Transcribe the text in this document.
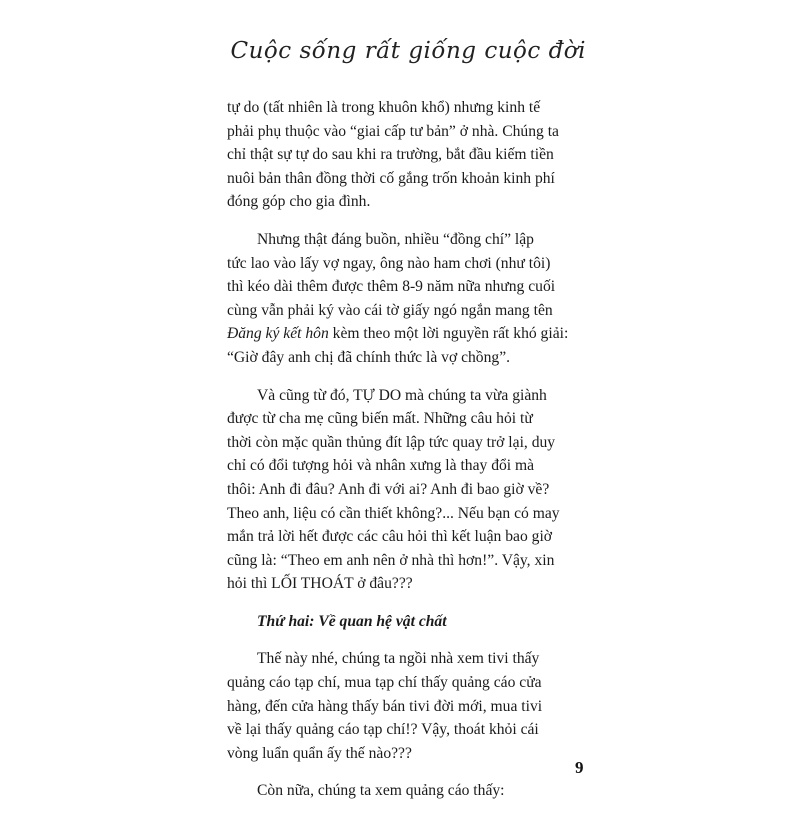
Cuộc sống rất giống cuộc đời

tự do (tất nhiên là trong khuôn khổ) nhưng kinh tế
phải phụ thuộc vào “giai cấp tư bản” ở nhà. Chúng ta
chỉ thật sự tự do sau khi ra trường, bắt đầu kiếm tiền
nuôi bản thân đồng thời cố gắng trốn khoản kinh phí
đóng góp cho gia đình.

Nhưng thật đáng buồn, nhiều “đồng chí” lập
tức lao vào lấy vợ ngay, ông nào ham chơi (như tôi)
thì kéo dài thêm được thêm 8-9 năm nữa nhưng cuối
cùng vẫn phải ký vào cái tờ giấy ngó ngắn mang tên
Đăng ký kết hôn kèm theo một lời nguyền rất khó giải:
“Giờ đây anh chị đã chính thức là vợ chồng”.

Và cũng từ đó, TỰ DO mà chúng ta vừa giành
được từ cha mẹ cũng biến mất. Những câu hỏi từ
thời còn mặc quần thủng đít lập tức quay trở lại, duy
chỉ có đổi tượng hỏi và nhân xưng là thay đổi mà
thôi: Anh đi đâu? Anh đi với ai? Anh đi bao giờ về?
Theo anh, liệu có cần thiết không?... Nếu bạn có may
mắn trả lời hết được các câu hỏi thì kết luận bao giờ
cũng là: “Theo em anh nên ở nhà thì hơn!”. Vậy, xin
hỏi thì LỐI THOÁT ở đâu???

Thứ hai: Về quan hệ vật chất

Thế này nhé, chúng ta ngồi nhà xem tivi thấy
quảng cáo tạp chí, mua tạp chí thấy quảng cáo cửa
hàng, đến cửa hàng thấy bán tivi đời mới, mua tivi
về lại thấy quảng cáo tạp chí!? Vậy, thoát khỏi cái
vòng luẩn quẩn ấy thế nào???

Còn nữa, chúng ta xem quảng cáo thấy:

9
